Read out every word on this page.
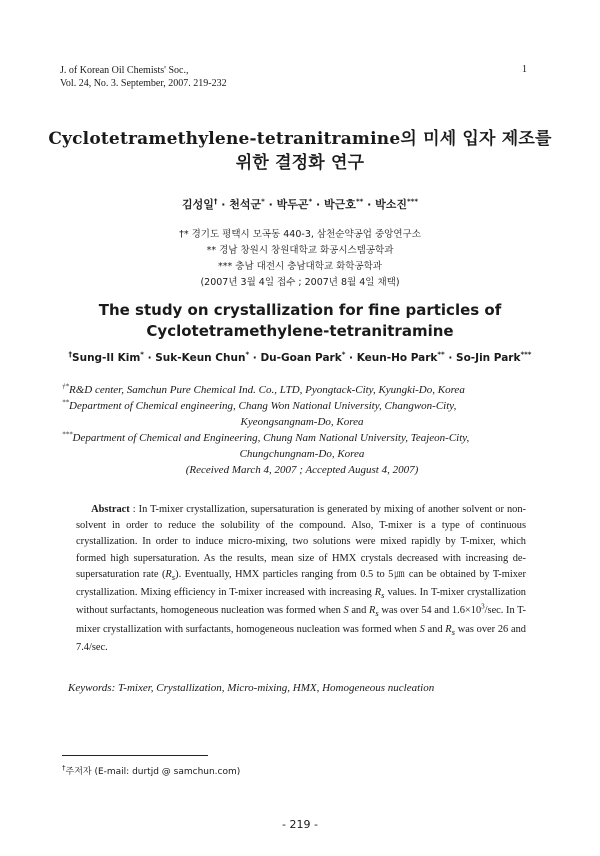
J. of Korean Oil Chemists' Soc.,
Vol. 24, No. 3. September, 2007. 219-232
1
Cyclotetramethylene-tetranitramine의 미세 입자 제조를
위한 결정화 연구
김성일† · 천석군* · 박두곤* · 박근호** · 박소진***
†* 경기도 평택시 모곡동 440-3, 삼천순약공업 중앙연구소
** 경남 창원시 창원대학교 화공시스템공학과
*** 충남 대전시 충남대학교 화학공학과
(2007년 3월 4일 접수 ; 2007년 8월 4일 채택)
The study on crystallization for fine particles of
Cyclotetramethylene-tetranitramine
†Sung-Il Kim* · Suk-Keun Chun* · Du-Goan Park* · Keun-Ho Park** · So-Jin Park***
†*R&D center, Samchun Pure Chemical Ind. Co., LTD, Pyongtack-City, Kyungki-Do, Korea
**Department of Chemical engineering, Chang Won National University, Changwon-City,
Kyeongsangnam-Do, Korea
***Department of Chemical and Engineering, Chung Nam National University, Teajeon-City,
Chungchungnam-Do, Korea
(Received March 4, 2007 ; Accepted August 4, 2007)
Abstract : In T-mixer crystallization, supersaturation is generated by mixing of another solvent or non-solvent in order to reduce the solubility of the compound. Also, T-mixer is a type of continuous crystallization. In order to induce micro-mixing, two solutions were mixed rapidly by T-mixer, which formed high supersaturation. As the results, mean size of HMX crystals decreased with increasing de-supersaturation rate $(R_s)$. Eventually, HMX particles ranging from 0.5 to 5㎛ can be obtained by T-mixer crystallization. Mixing efficiency in T-mixer increased with increasing $R_s$ values. In T-mixer crystallization without surfactants, homogeneous nucleation was formed when S and $R_s$ was over 54 and $1.6\times 10^3/\sec$. In T-mixer crystallization with surfactants, homogeneous nucleation was formed when S and $R_s$ was over 26 and 7.4/sec.
Keywords: T-mixer, Crystallization, Micro-mixing, HMX, Homogeneous nucleation
†주저자 (E-mail: durtjd @ samchun.com)
- 219 -
